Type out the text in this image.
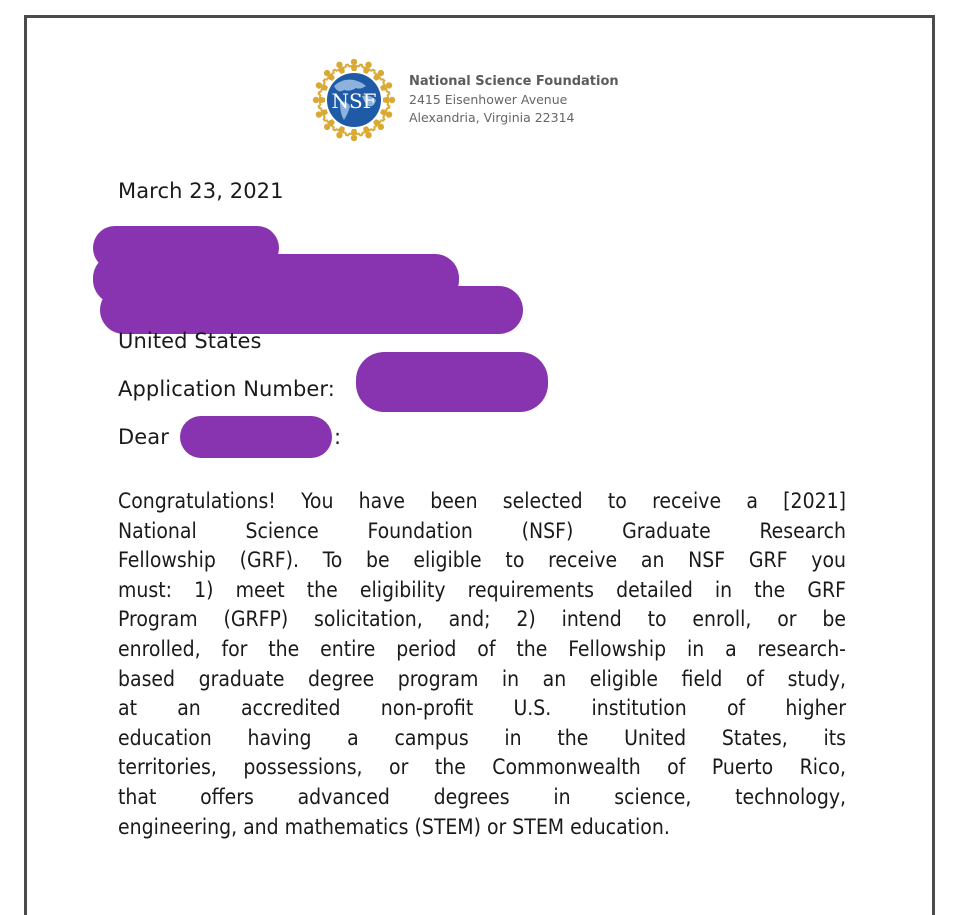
NSF
National Science Foundation
2415 Eisenhower Avenue
Alexandria, Virginia 22314
March 23, 2021
United States
Application Number:
Dear	:
Congratulations! You have been selected to receive a [2021]
National Science Foundation (NSF) Graduate Research
Fellowship (GRF). To be eligible to receive an NSF GRF you
must: 1) meet the eligibility requirements detailed in the GRF
Program (GRFP) solicitation, and; 2) intend to enroll, or be
enrolled, for the entire period of the Fellowship in a research-
based graduate degree program in an eligible field of study,
at an accredited non-profit U.S. institution of higher
education having a campus in the United States, its
territories, possessions, or the Commonwealth of Puerto Rico,
that offers advanced degrees in science, technology,
engineering, and mathematics (STEM) or STEM education.
